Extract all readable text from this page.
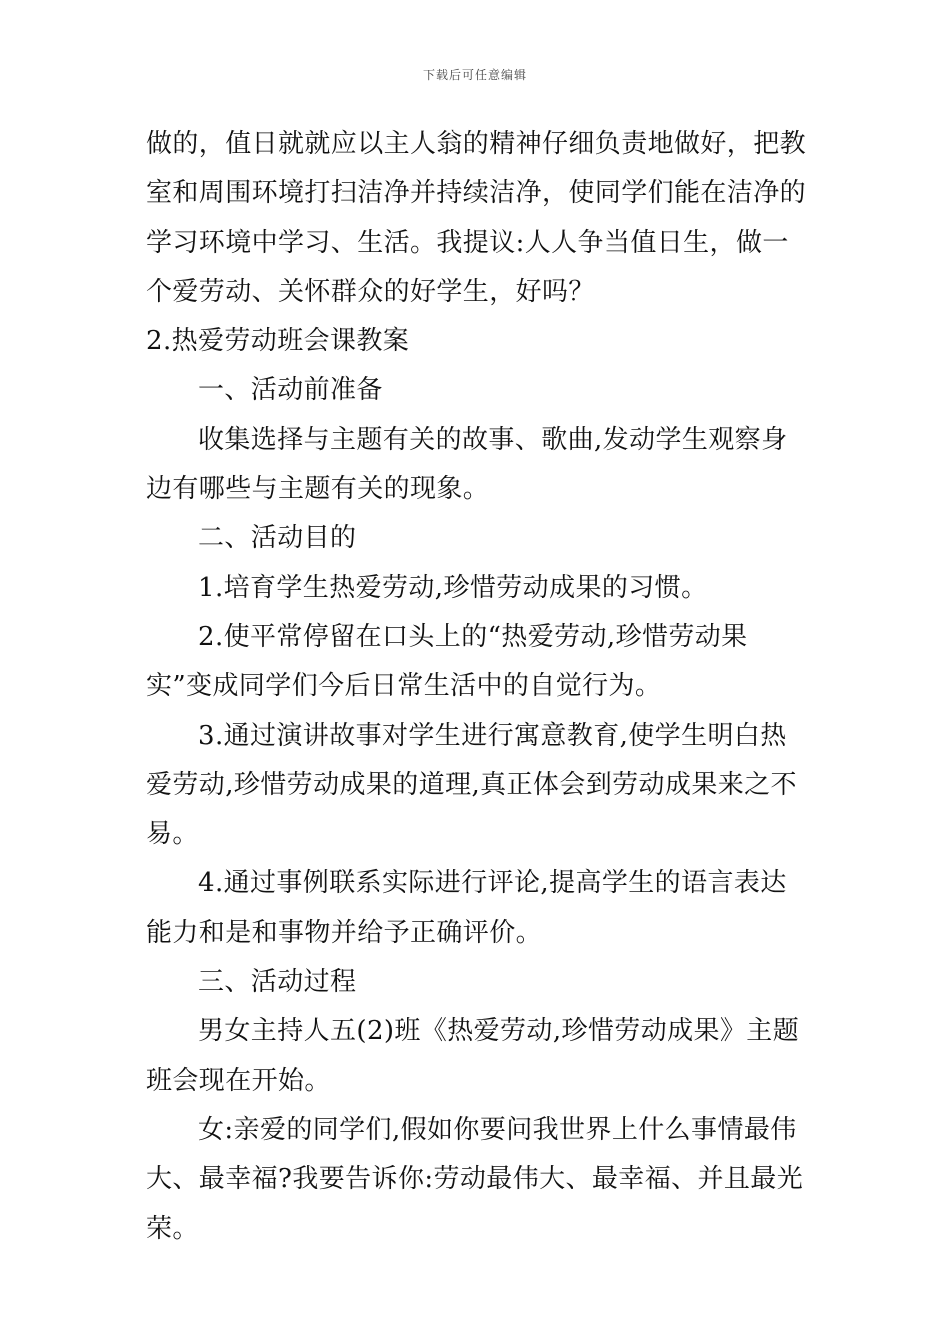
下载后可任意编辑

做的，值日就就应以主人翁的精神仔细负责地做好，把教室和周围环境打扫洁净并持续洁净，使同学们能在洁净的学习环境中学习、生活。我提议:人人争当值日生，做一个爱劳动、关怀群众的好学生，好吗？

2.热爱劳动班会课教案

一、活动前准备

收集选择与主题有关的故事、歌曲,发动学生观察身边有哪些与主题有关的现象。

二、活动目的

1.培育学生热爱劳动,珍惜劳动成果的习惯。

2.使平常停留在口头上的“热爱劳动,珍惜劳动果实”变成同学们今后日常生活中的自觉行为。

3.通过演讲故事对学生进行寓意教育,使学生明白热爱劳动,珍惜劳动成果的道理,真正体会到劳动成果来之不易。

4.通过事例联系实际进行评论,提高学生的语言表达能力和是和事物并给予正确评价。

三、活动过程

男女主持人五(2)班《热爱劳动,珍惜劳动成果》主题班会现在开始。

女:亲爱的同学们,假如你要问我世界上什么事情最伟大、最幸福?我要告诉你:劳动最伟大、最幸福、并且最光荣。
